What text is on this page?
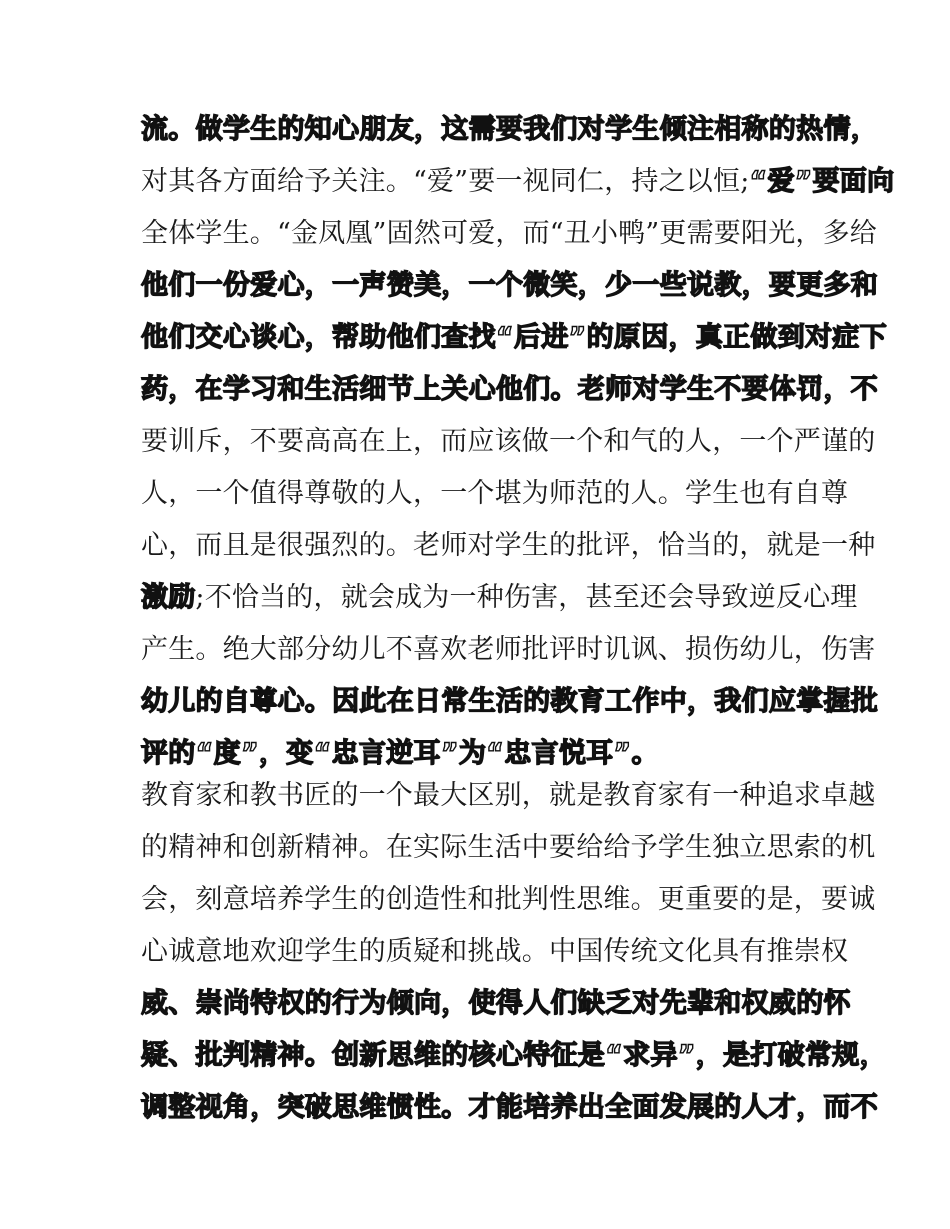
流。做学生的知心朋友，这需要我们对学生倾注相称的热情，
对其各方面给予关注。“爱”要一视同仁，持之以恒;“爱”要面向
全体学生。“金凤凰”固然可爱，而“丑小鸭”更需要阳光，多给
他们一份爱心，一声赞美，一个微笑，少一些说教，要更多和
他们交心谈心，帮助他们查找“后进”的原因，真正做到对症下
药，在学习和生活细节上关心他们。老师对学生不要体罚，不
要训斥，不要高高在上，而应该做一个和气的人，一个严谨的
人，一个值得尊敬的人，一个堪为师范的人。学生也有自尊
心，而且是很强烈的。老师对学生的批评，恰当的，就是一种
激励;不恰当的，就会成为一种伤害，甚至还会导致逆反心理
产生。绝大部分幼儿不喜欢老师批评时讥讽、损伤幼儿，伤害
幼儿的自尊心。因此在日常生活的教育工作中，我们应掌握批
评的“度”，变“忠言逆耳”为“忠言悦耳”。
教育家和教书匠的一个最大区别，就是教育家有一种追求卓越
的精神和创新精神。在实际生活中要给给予学生独立思索的机
会，刻意培养学生的创造性和批判性思维。更重要的是，要诚
心诚意地欢迎学生的质疑和挑战。中国传统文化具有推崇权
威、崇尚特权的行为倾向，使得人们缺乏对先辈和权威的怀
疑、批判精神。创新思维的核心特征是“求异”，是打破常规，
调整视角，突破思维惯性。才能培养出全面发展的人才，而不
